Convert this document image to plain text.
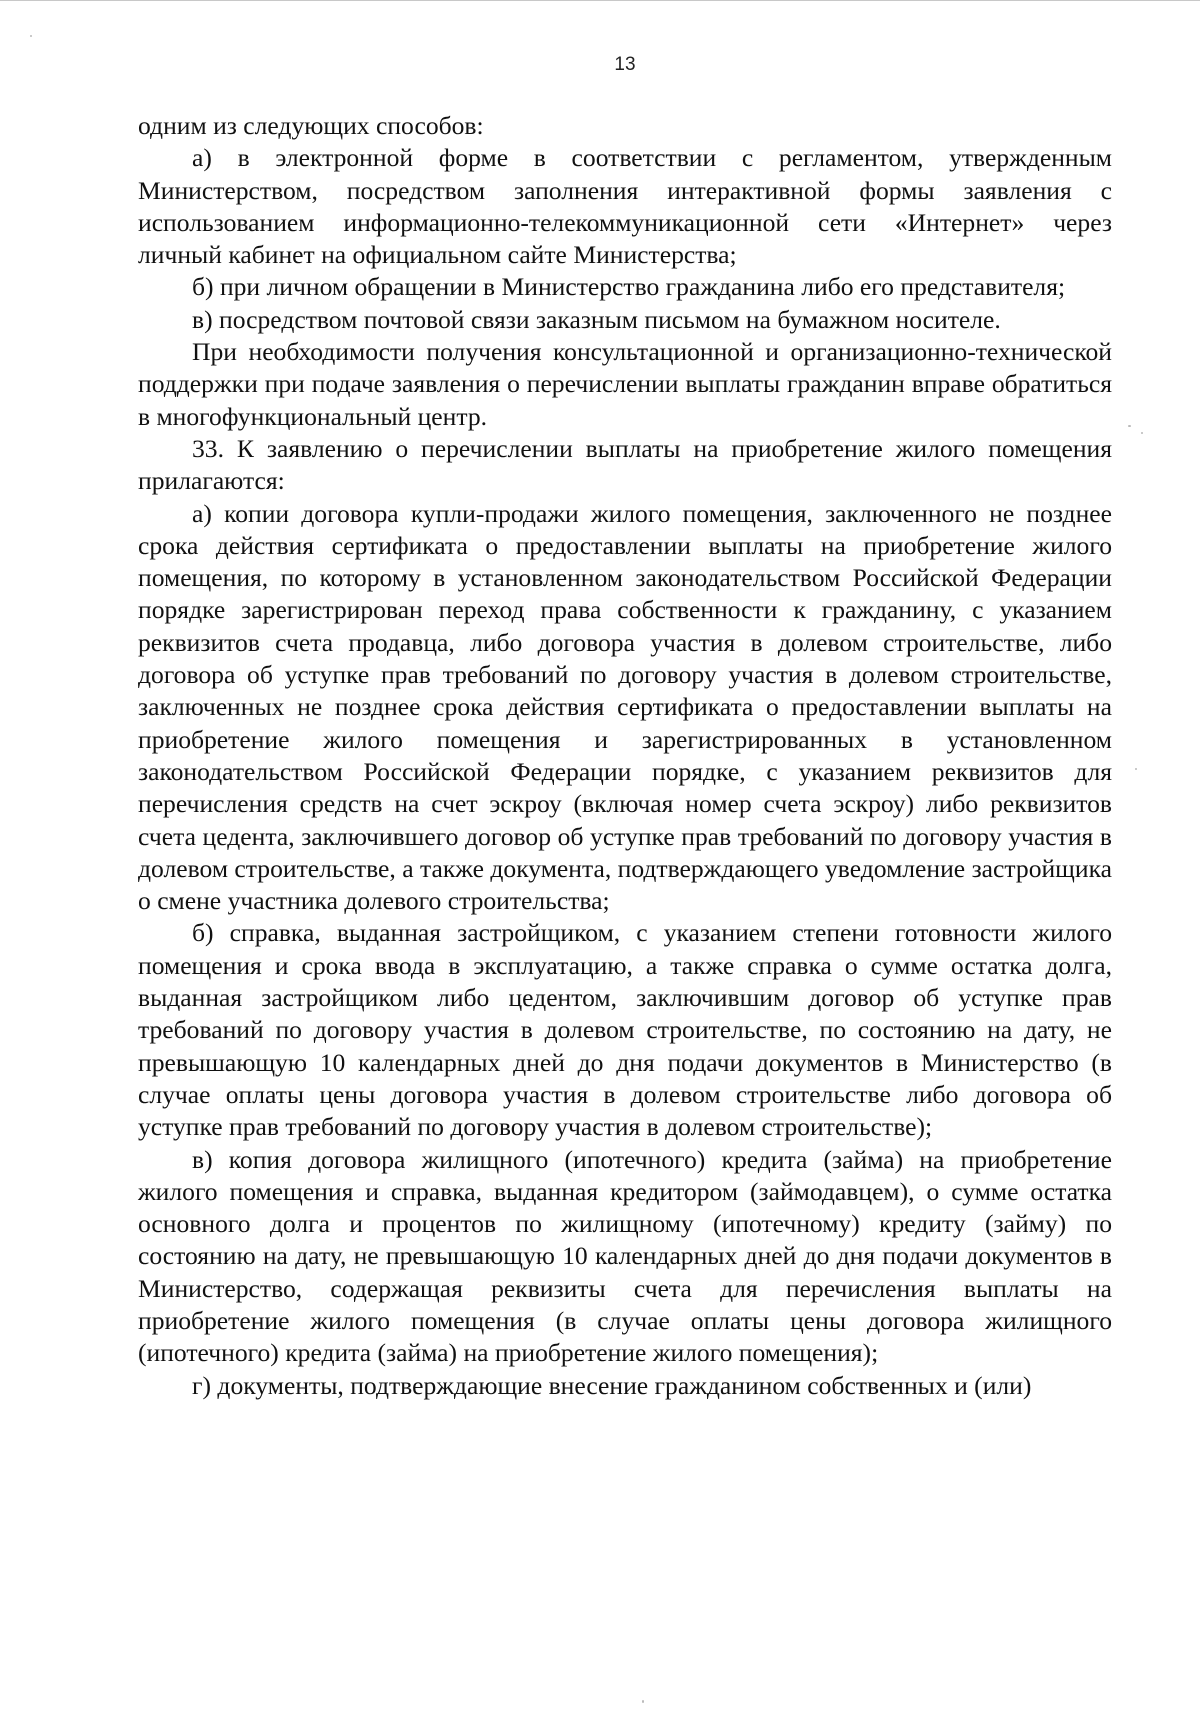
13

одним из следующих способов:

а) в электронной форме в соответствии с регламентом, утвержденным Министерством, посредством заполнения интерактивной формы заявления с использованием информационно-телекоммуникационной сети «Интернет» через личный кабинет на официальном сайте Министерства;

б) при личном обращении в Министерство гражданина либо его представителя;

в) посредством почтовой связи заказным письмом на бумажном носителе.

При необходимости получения консультационной и организационно-технической поддержки при подаче заявления о перечислении выплаты гражданин вправе обратиться в многофункциональный центр.

33. К заявлению о перечислении выплаты на приобретение жилого помещения прилагаются:

а) копии договора купли-продажи жилого помещения, заключенного не позднее срока действия сертификата о предоставлении выплаты на приобретение жилого помещения, по которому в установленном законодательством Российской Федерации порядке зарегистрирован переход права собственности к гражданину, с указанием реквизитов счета продавца, либо договора участия в долевом строительстве, либо договора об уступке прав требований по договору участия в долевом строительстве, заключенных не позднее срока действия сертификата о предоставлении выплаты на приобретение жилого помещения и зарегистрированных в установленном законодательством Российской Федерации порядке, с указанием реквизитов для перечисления средств на счет эскроу (включая номер счета эскроу) либо реквизитов счета цедента, заключившего договор об уступке прав требований по договору участия в долевом строительстве, а также документа, подтверждающего уведомление застройщика о смене участника долевого строительства;

б) справка, выданная застройщиком, с указанием степени готовности жилого помещения и срока ввода в эксплуатацию, а также справка о сумме остатка долга, выданная застройщиком либо цедентом, заключившим договор об уступке прав требований по договору участия в долевом строительстве, по состоянию на дату, не превышающую 10 календарных дней до дня подачи документов в Министерство (в случае оплаты цены договора участия в долевом строительстве либо договора об уступке прав требований по договору участия в долевом строительстве);

в) копия договора жилищного (ипотечного) кредита (займа) на приобретение жилого помещения и справка, выданная кредитором (займодавцем), о сумме остатка основного долга и процентов по жилищному (ипотечному) кредиту (займу) по состоянию на дату, не превышающую 10 календарных дней до дня подачи документов в Министерство, содержащая реквизиты счета для перечисления выплаты на приобретение жилого помещения (в случае оплаты цены договора жилищного (ипотечного) кредита (займа) на приобретение жилого помещения);

г) документы, подтверждающие внесение гражданином собственных и (или)
